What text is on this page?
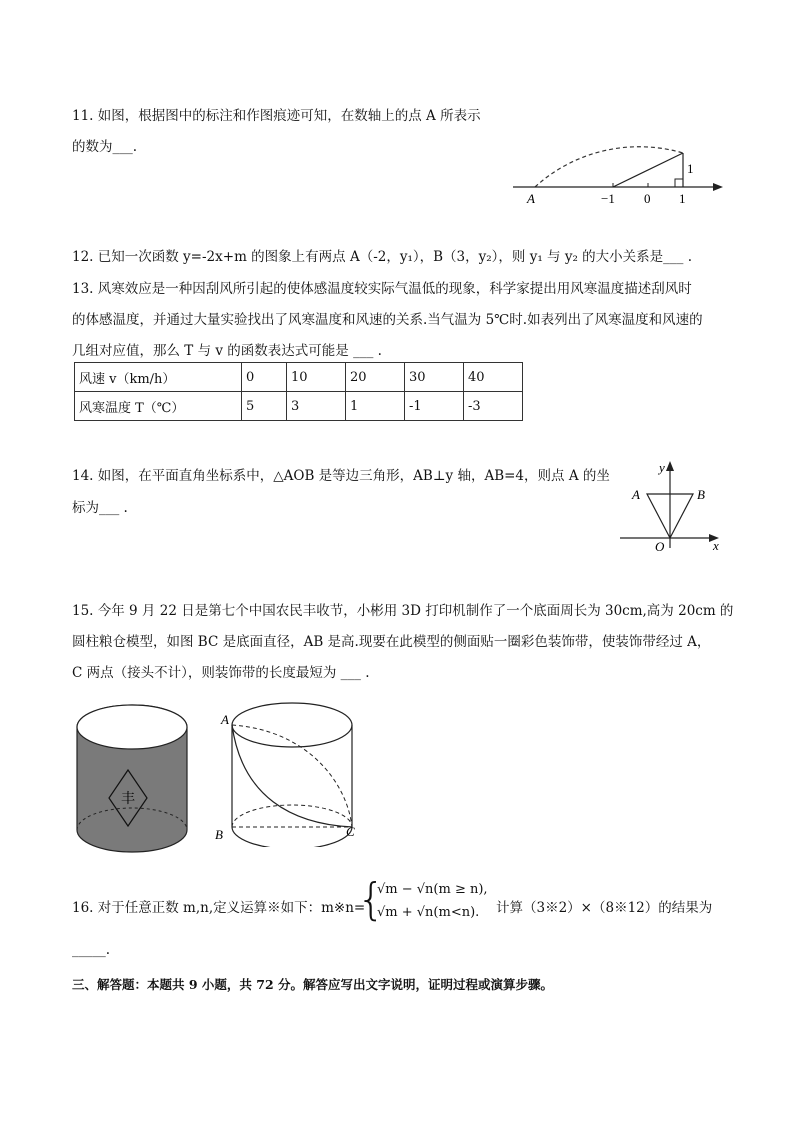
11. 如图，根据图中的标注和作图痕迹可知，在数轴上的点 A 所表示
的数为___.
A	−1 0 1
1
12. 已知一次函数 y=-2x+m 的图象上有两点 A（-2，y₁），B（3，y₂），则 y₁ 与 y₂ 的大小关系是___ .
13. 风寒效应是一种因刮风所引起的使体感温度较实际气温低的现象，科学家提出用风寒温度描述刮风时
的体感温度，并通过大量实验找出了风寒温度和风速的关系.当气温为 5℃时.如表列出了风寒温度和风速的
几组对应值，那么 T 与 v 的函数表达式可能是 ___ .
风速 v（km/h）	0	10	20	30	40
风寒温度 T（℃）	5	3	1	-1	-3
14. 如图，在平面直角坐标系中，△AOB 是等边三角形，AB⊥y 轴，AB=4，则点 A 的坐
标为___ .
y
x
A	B
O
15. 今年 9 月 22 日是第七个中国农民丰收节，小彬用 3D 打印机制作了一个底面周长为 30cm,高为 20cm 的
圆柱粮仓模型，如图 BC 是底面直径，AB 是高.现要在此模型的侧面贴一圈彩色装饰带，使装饰带经过 A，
C 两点（接头不计），则装饰带的长度最短为 ___ .
丰
A
B	C
16. 对于任意正数 m,n,定义运算※如下：m※n=
{
√m − √n(m ≥ n),
√m + √n(m<n). 计算（3※2）×（8※12）的结果为
_____.
三、解答题：本题共 9 小题，共 72 分。解答应写出文字说明，证明过程或演算步骤。
